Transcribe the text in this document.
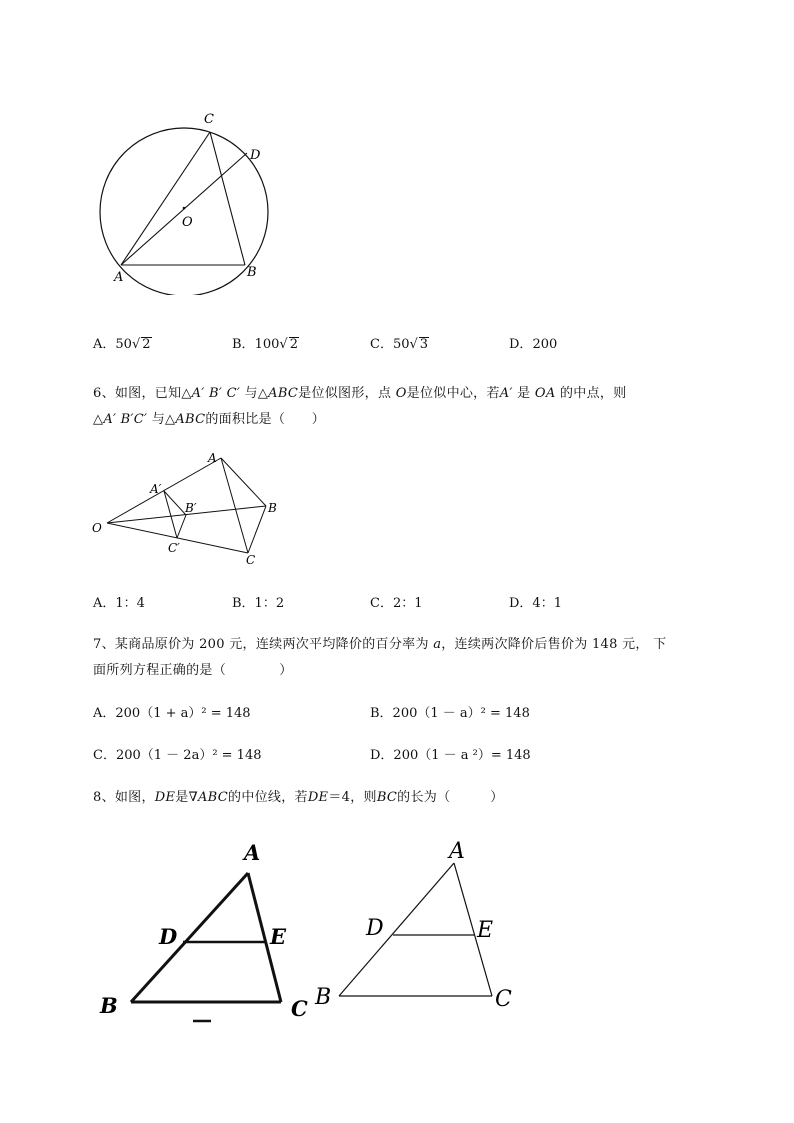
C
D
O
A	B
A．50√ 2	B．100√ 2	C．50√ 3	D．200
6、如图，已知△A′ B′ C′ 与△ABC是位似图形，点 O是位似中心，若A′ 是 OA 的中点，则
△A′ B′C′ 与△ABC的面积比是（　　）
A
A′
B′	B
O
C′
C
A．1：4	B．1：2	C．2：1	D．4：1
7、某商品原价为 200 元，连续两次平均降价的百分率为 a，连续两次降价后售价为 148 元， 下
面所列方程正确的是（　　　　）
A．200（1 + a）² = 148	B．200（1 － a）² = 148
C．200（1 － 2a）² = 148	D．200（1 － a ²）= 148
8、如图，DE是∇ABC的中位线，若DE＝4，则BC的长为（　　　）
A
D	E
B	C
A
D	E
B	C
